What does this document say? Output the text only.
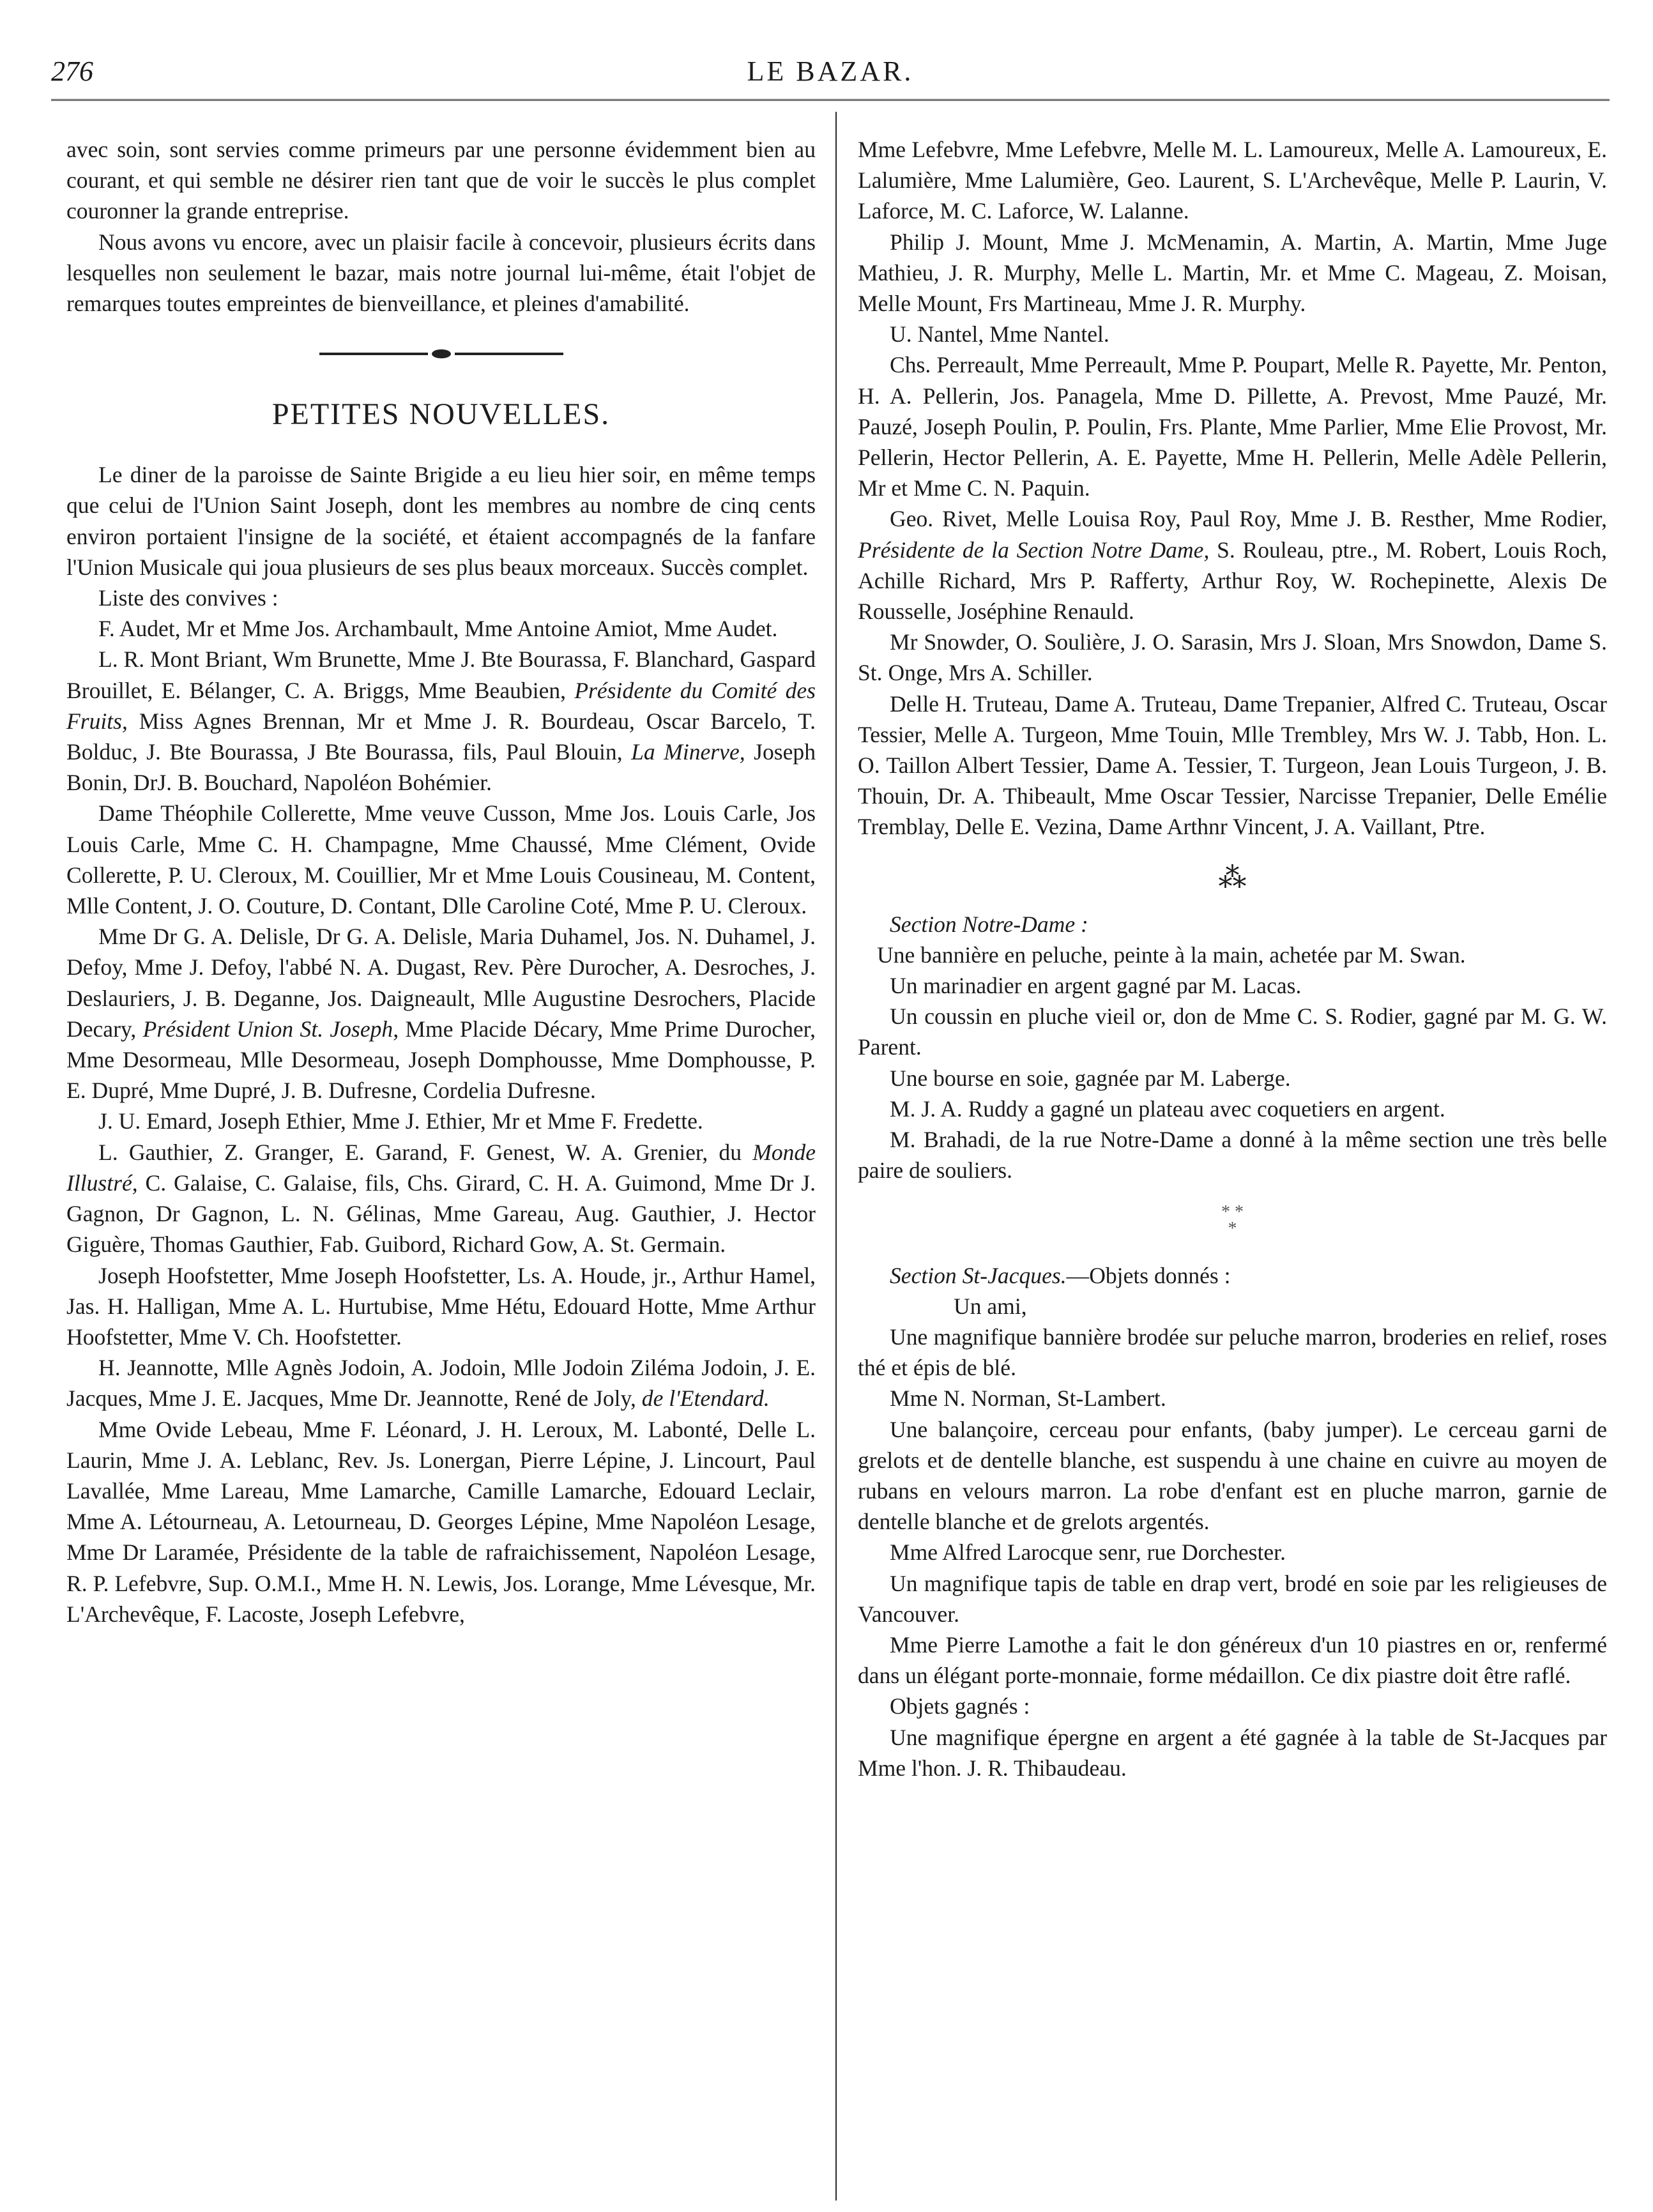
276	LE BAZAR.

avec soin, sont servies comme primeurs par une personne évidemment bien au courant, et qui semble ne désirer rien tant que de voir le succès le plus complet couronner la grande entreprise.

Nous avons vu encore, avec un plaisir facile à concevoir, plusieurs écrits dans lesquelles non seulement le bazar, mais notre journal lui-même, était l'objet de remarques toutes empreintes de bienveillance, et pleines d'amabilité.

PETITES NOUVELLES.

Le diner de la paroisse de Sainte Brigide a eu lieu hier soir, en même temps que celui de l'Union Saint Joseph, dont les membres au nombre de cinq cents environ portaient l'insigne de la société, et étaient accompagnés de la fanfare l'Union Musicale qui joua plusieurs de ses plus beaux morceaux. Succès complet.

Liste des convives :

F. Audet, Mr et Mme Jos. Archambault, Mme Antoine Amiot, Mme Audet.

L. R. Mont Briant, Wm Brunette, Mme J. Bte Bourassa, F. Blanchard, Gaspard Brouillet, E. Bélanger, C. A. Briggs, Mme Beaubien, Présidente du Comité des Fruits, Miss Agnes Brennan, Mr et Mme J. R. Bourdeau, Oscar Barcelo, T. Bolduc, J. Bte Bourassa, J Bte Bourassa, fils, Paul Blouin, La Minerve, Joseph Bonin, DrJ. B. Bouchard, Napoléon Bohémier.

Dame Théophile Collerette, Mme veuve Cusson, Mme Jos. Louis Carle, Jos Louis Carle, Mme C. H. Champagne, Mme Chaussé, Mme Clément, Ovide Collerette, P. U. Cleroux, M. Couillier, Mr et Mme Louis Cousineau, M. Content, Mlle Content, J. O. Couture, D. Contant, Dlle Caroline Coté, Mme P. U. Cleroux.

Mme Dr G. A. Delisle, Dr G. A. Delisle, Maria Duhamel, Jos. N. Duhamel, J. Defoy, Mme J. Defoy, l'abbé N. A. Dugast, Rev. Père Durocher, A. Desroches, J. Deslauriers, J. B. Deganne, Jos. Daigneault, Mlle Augustine Desrochers, Placide Decary, Président Union St. Joseph, Mme Placide Décary, Mme Prime Durocher, Mme Desormeau, Mlle Desormeau, Joseph Domphousse, Mme Domphousse, P. E. Dupré, Mme Dupré, J. B. Dufresne, Cordelia Dufresne.

J. U. Emard, Joseph Ethier, Mme J. Ethier, Mr et Mme F. Fredette.

L. Gauthier, Z. Granger, E. Garand, F. Genest, W. A. Grenier, du Monde Illustré, C. Galaise, C. Galaise, fils, Chs. Girard, C. H. A. Guimond, Mme Dr J. Gagnon, Dr Gagnon, L. N. Gélinas, Mme Gareau, Aug. Gauthier, J. Hector Giguère, Thomas Gauthier, Fab. Guibord, Richard Gow, A. St. Germain.

Joseph Hoofstetter, Mme Joseph Hoofstetter, Ls. A. Houde, jr., Arthur Hamel, Jas. H. Halligan, Mme A. L. Hurtubise, Mme Hétu, Edouard Hotte, Mme Arthur Hoofstetter, Mme V. Ch. Hoofstetter.

H. Jeannotte, Mlle Agnès Jodoin, A. Jodoin, Mlle Jodoin Ziléma Jodoin, J. E. Jacques, Mme J. E. Jacques, Mme Dr. Jeannotte, René de Joly, de l'Etendard.

Mme Ovide Lebeau, Mme F. Léonard, J. H. Leroux, M. Labonté, Delle L. Laurin, Mme J. A. Leblanc, Rev. Js. Lonergan, Pierre Lépine, J. Lincourt, Paul Lavallée, Mme Lareau, Mme Lamarche, Camille Lamarche, Edouard Leclair, Mme A. Létourneau, A. Letourneau, D. Georges Lépine, Mme Napoléon Lesage, Mme Dr Laramée, Présidente de la table de rafraichissement, Napoléon Lesage, R. P. Lefebvre, Sup. O.M.I., Mme H. N. Lewis, Jos. Lorange, Mme Lévesque, Mr. L'Archevêque, F. Lacoste, Joseph Lefebvre,

Mme Lefebvre, Mme Lefebvre, Melle M. L. Lamoureux, Melle A. Lamoureux, E. Lalumière, Mme Lalumière, Geo. Laurent, S. L'Archevêque, Melle P. Laurin, V. Laforce, M. C. Laforce, W. Lalanne.

Philip J. Mount, Mme J. McMenamin, A. Martin, A. Martin, Mme Juge Mathieu, J. R. Murphy, Melle L. Martin, Mr. et Mme C. Mageau, Z. Moisan, Melle Mount, Frs Martineau, Mme J. R. Murphy.

U. Nantel, Mme Nantel.

Chs. Perreault, Mme Perreault, Mme P. Poupart, Melle R. Payette, Mr. Penton, H. A. Pellerin, Jos. Panagela, Mme D. Pillette, A. Prevost, Mme Pauzé, Mr. Pauzé, Joseph Poulin, P. Poulin, Frs. Plante, Mme Parlier, Mme Elie Provost, Mr. Pellerin, Hector Pellerin, A. E. Payette, Mme H. Pellerin, Melle Adèle Pellerin, Mr et Mme C. N. Paquin.

Geo. Rivet, Melle Louisa Roy, Paul Roy, Mme J. B. Resther, Mme Rodier, Présidente de la Section Notre Dame, S. Rouleau, ptre., M. Robert, Louis Roch, Achille Richard, Mrs P. Rafferty, Arthur Roy, W. Rochepinette, Alexis De Rousselle, Joséphine Renauld.

Mr Snowder, O. Soulière, J. O. Sarasin, Mrs J. Sloan, Mrs Snowdon, Dame S. St. Onge, Mrs A. Schiller.

Delle H. Truteau, Dame A. Truteau, Dame Trepanier, Alfred C. Truteau, Oscar Tessier, Melle A. Turgeon, Mme Touin, Mlle Trembley, Mrs W. J. Tabb, Hon. L. O. Taillon Albert Tessier, Dame A. Tessier, T. Turgeon, Jean Louis Turgeon, J. B. Thouin, Dr. A. Thibeault, Mme Oscar Tessier, Narcisse Trepanier, Delle Emélie Tremblay, Delle E. Vezina, Dame Arthnr Vincent, J. A. Vaillant, Ptre.

⁂

Section Notre-Dame :

Une bannière en peluche, peinte à la main, achetée par M. Swan.

Un marinadier en argent gagné par M. Lacas.

Un coussin en pluche vieil or, don de Mme C. S. Rodier, gagné par M. G. W. Parent.

Une bourse en soie, gagnée par M. Laberge.

M. J. A. Ruddy a gagné un plateau avec coquetiers en argent.

M. Brahadi, de la rue Notre-Dame a donné à la même section une très belle paire de souliers.

* *
*

Section St-Jacques.—Objets donnés :

Un ami,

Une magnifique bannière brodée sur peluche marron, broderies en relief, roses thé et épis de blé.

Mme N. Norman, St-Lambert.

Une balançoire, cerceau pour enfants, (baby jumper). Le cerceau garni de grelots et de dentelle blanche, est suspendu à une chaine en cuivre au moyen de rubans en velours marron. La robe d'enfant est en pluche marron, garnie de dentelle blanche et de grelots argentés.

Mme Alfred Larocque senr, rue Dorchester.

Un magnifique tapis de table en drap vert, brodé en soie par les religieuses de Vancouver.

Mme Pierre Lamothe a fait le don généreux d'un 10 piastres en or, renfermé dans un élégant porte-monnaie, forme médaillon. Ce dix piastre doit être raflé.

Objets gagnés :

Une magnifique épergne en argent a été gagnée à la table de St-Jacques par Mme l'hon. J. R. Thibaudeau.
